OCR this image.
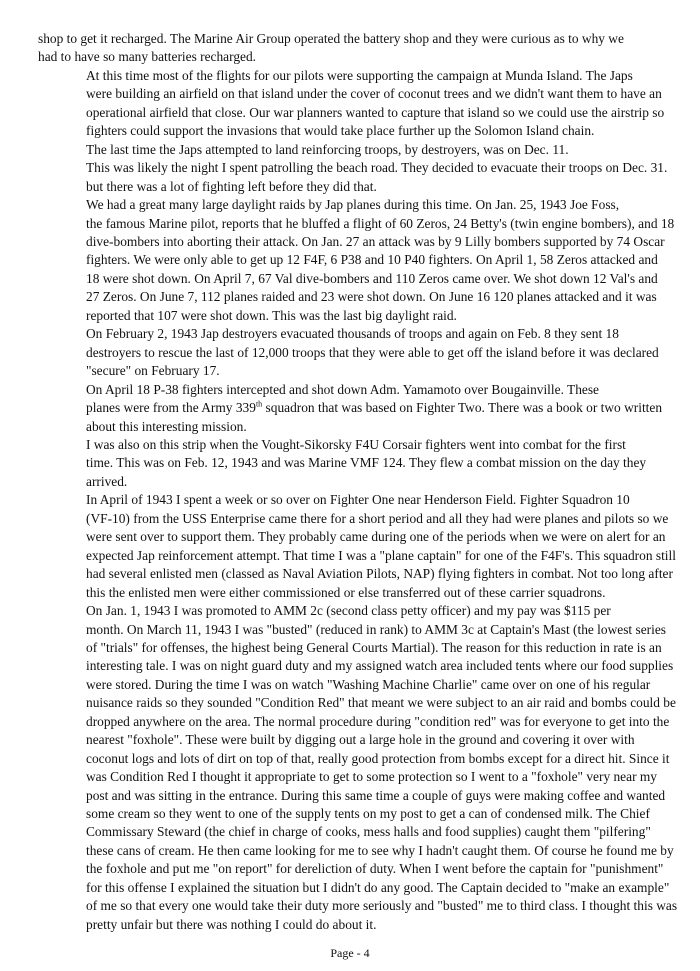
shop to get it recharged. The Marine Air Group operated the battery shop and they were curious as to why we
had to have so many batteries recharged.

At this time most of the flights for our pilots were supporting the campaign at Munda Island. The Japs
were building an airfield on that island under the cover of coconut trees and we didn't want them to have an
operational airfield that close. Our war planners wanted to capture that island so we could use the airstrip so
fighters could support the invasions that would take place further up the Solomon Island chain.

The last time the Japs attempted to land reinforcing troops, by destroyers, was on Dec. 11.
This was likely the night I spent patrolling the beach road. They decided to evacuate their troops on Dec. 31.
but there was a lot of fighting left before they did that.

We had a great many large daylight raids by Jap planes during this time. On Jan. 25, 1943 Joe Foss,
the famous Marine pilot, reports that he bluffed a flight of 60 Zeros, 24 Betty's (twin engine bombers), and 18
dive-bombers into aborting their attack. On Jan. 27 an attack was by 9 Lilly bombers supported by 74 Oscar
fighters. We were only able to get up 12 F4F, 6 P38 and 10 P40 fighters. On April 1, 58 Zeros attacked and
18 were shot down. On April 7, 67 Val dive-bombers and 110 Zeros came over. We shot down 12 Val's and
27 Zeros. On June 7, 112 planes raided and 23 were shot down. On June 16 120 planes attacked and it was
reported that 107 were shot down. This was the last big daylight raid.

On February 2, 1943 Jap destroyers evacuated thousands of troops and again on Feb. 8 they sent 18
destroyers to rescue the last of 12,000 troops that they were able to get off the island before it was declared
"secure" on February 17.

On April 18 P-38 fighters intercepted and shot down Adm. Yamamoto over Bougainville. These
planes were from the Army 339th squadron that was based on Fighter Two. There was a book or two written
about this interesting mission.

I was also on this strip when the Vought-Sikorsky F4U Corsair fighters went into combat for the first
time. This was on Feb. 12, 1943 and was Marine VMF 124. They flew a combat mission on the day they
arrived.

In April of 1943 I spent a week or so over on Fighter One near Henderson Field. Fighter Squadron 10
(VF-10) from the USS Enterprise came there for a short period and all they had were planes and pilots so we
were sent over to support them. They probably came during one of the periods when we were on alert for an
expected Jap reinforcement attempt. That time I was a "plane captain" for one of the F4F's. This squadron still
had several enlisted men (classed as Naval Aviation Pilots, NAP) flying fighters in combat. Not too long after
this the enlisted men were either commissioned or else transferred out of these carrier squadrons.

On Jan. 1, 1943 I was promoted to AMM 2c (second class petty officer) and my pay was $115 per
month. On March 11, 1943 I was "busted" (reduced in rank) to AMM 3c at Captain's Mast (the lowest series
of "trials" for offenses, the highest being General Courts Martial). The reason for this reduction in rate is an
interesting tale. I was on night guard duty and my assigned watch area included tents where our food supplies
were stored. During the time I was on watch "Washing Machine Charlie" came over on one of his regular
nuisance raids so they sounded "Condition Red" that meant we were subject to an air raid and bombs could be
dropped anywhere on the area. The normal procedure during "condition red" was for everyone to get into the
nearest "foxhole". These were built by digging out a large hole in the ground and covering it over with
coconut logs and lots of dirt on top of that, really good protection from bombs except for a direct hit. Since it
was Condition Red I thought it appropriate to get to some protection so I went to a "foxhole" very near my
post and was sitting in the entrance. During this same time a couple of guys were making coffee and wanted
some cream so they went to one of the supply tents on my post to get a can of condensed milk. The Chief
Commissary Steward (the chief in charge of cooks, mess halls and food supplies) caught them "pilfering"
these cans of cream. He then came looking for me to see why I hadn't caught them. Of course he found me by
the foxhole and put me "on report" for dereliction of duty. When I went before the captain for "punishment"
for this offense I explained the situation but I didn't do any good. The Captain decided to "make an example"
of me so that every one would take their duty more seriously and "busted" me to third class. I thought this was
pretty unfair but there was nothing I could do about it.

Page - 4
